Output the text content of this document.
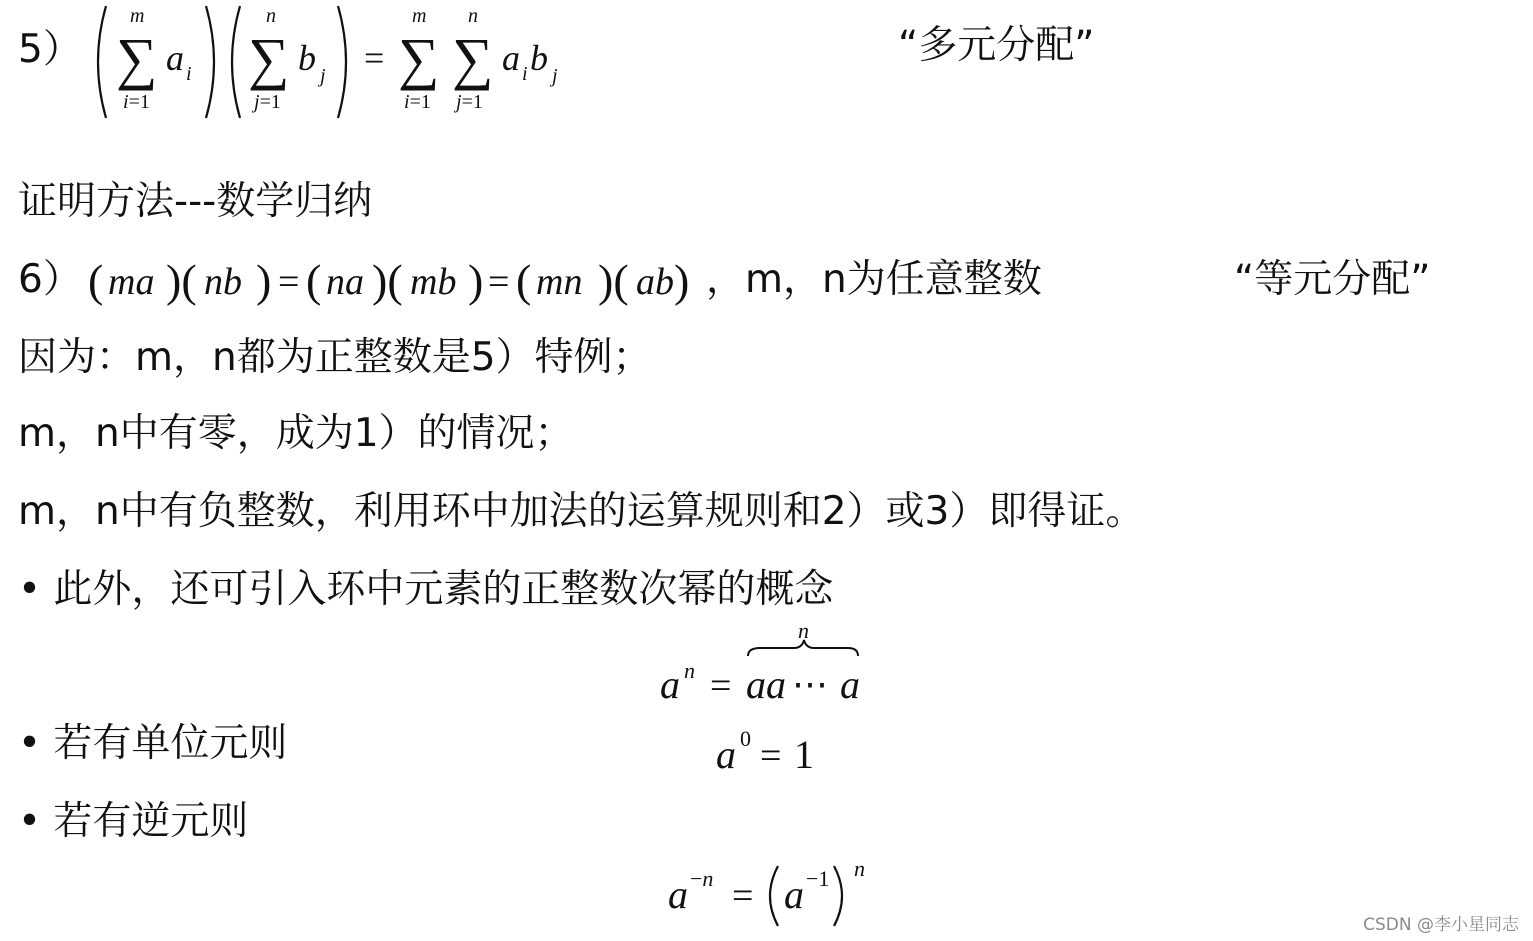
5）
m
∑
i=1
a i
n
∑
j=1
b j =
m
∑
i=1
n
∑
j=1
a i b j
“多元分配”
证明方法---数学归纳
6） ( ma )( nb ) = ( na )( mb ) = ( mn )( ab ) ，m，n为任意整数	“等元分配”
因为：m，n都为正整数是5）特例；
m，n中有零，成为1）的情况；
m，n中有负整数，利用环中加法的运算规则和2）或3）即得证。
• 此外，还可引入环中元素的正整数次幂的概念
n
a n = aa ⋯ a
• 若有单位元则	a 0 = 1
• 若有逆元则
a −n = a −1 n
CSDN @李小星同志
